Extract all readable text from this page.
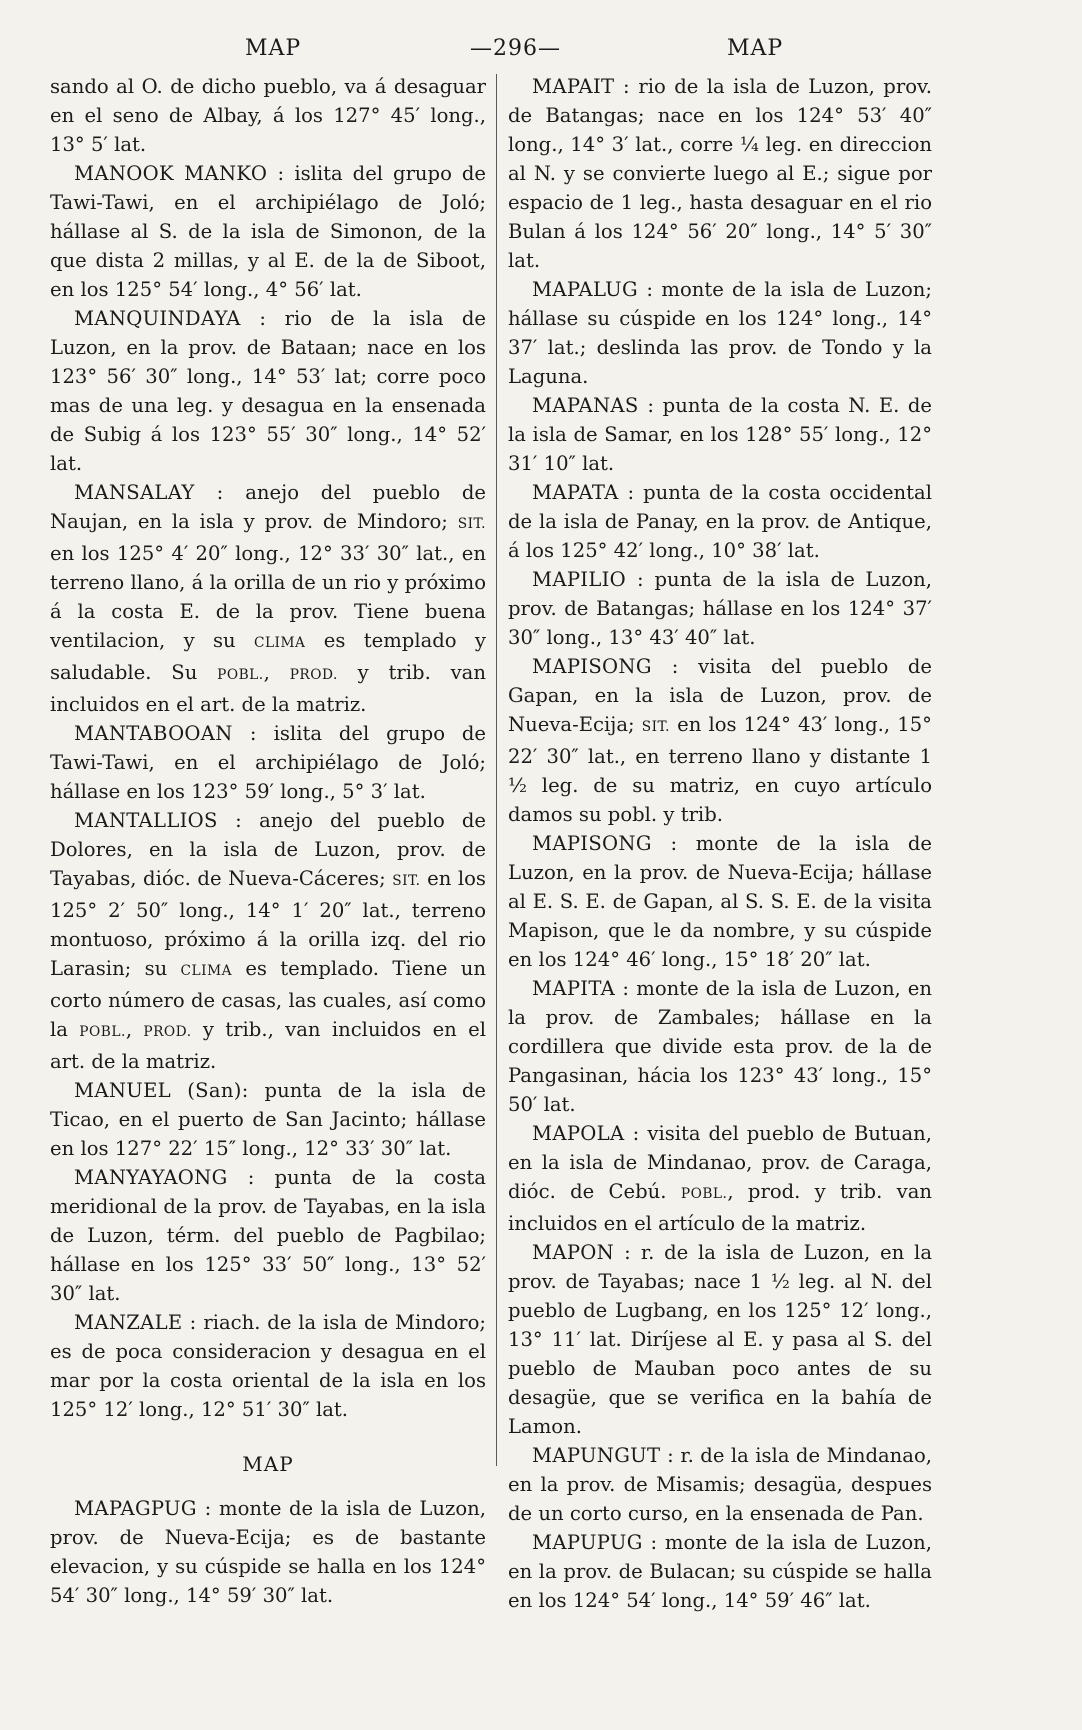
MAP	—296—	MAP

sando al O. de dicho pueblo, va á desaguar en el seno de Albay, á los 127° 45′ long., 13° 5′ lat.

MANOOK MANKO : islita del grupo de Tawi-Tawi, en el archipiélago de Joló; hállase al S. de la isla de Simonon, de la que dista 2 millas, y al E. de la de Siboot, en los 125° 54′ long., 4° 56′ lat.

MANQUINDAYA : rio de la isla de Luzon, en la prov. de Bataan; nace en los 123° 56′ 30″ long., 14° 53′ lat; corre poco mas de una leg. y desagua en la ensenada de Subig á los 123° 55′ 30″ long., 14° 52′ lat.

MANSALAY : anejo del pueblo de Naujan, en la isla y prov. de Mindoro; SIT. en los 125° 4′ 20″ long., 12° 33′ 30″ lat., en terreno llano, á la orilla de un rio y próximo á la costa E. de la prov. Tiene buena ventilacion, y su CLIMA es templado y saludable. Su POBL., PROD. y trib. van incluidos en el art. de la matriz.

MANTABOOAN : islita del grupo de Tawi-Tawi, en el archipiélago de Joló; hállase en los 123° 59′ long., 5° 3′ lat.

MANTALLIOS : anejo del pueblo de Dolores, en la isla de Luzon, prov. de Tayabas, dióc. de Nueva-Cáceres; SIT. en los 125° 2′ 50″ long., 14° 1′ 20″ lat., terreno montuoso, próximo á la orilla izq. del rio Larasin; su CLIMA es templado. Tiene un corto número de casas, las cuales, así como la POBL., PROD. y trib., van incluidos en el art. de la matriz.

MANUEL (San): punta de la isla de Ticao, en el puerto de San Jacinto; hállase en los 127° 22′ 15″ long., 12° 33′ 30″ lat.

MANYAYAONG : punta de la costa meridional de la prov. de Tayabas, en la isla de Luzon, térm. del pueblo de Pagbilao; hállase en los 125° 33′ 50″ long., 13° 52′ 30″ lat.

MANZALE : riach. de la isla de Mindoro; es de poca consideracion y desagua en el mar por la costa oriental de la isla en los 125° 12′ long., 12° 51′ 30″ lat.

MAP

MAPAGPUG : monte de la isla de Luzon, prov. de Nueva-Ecija; es de bastante elevacion, y su cúspide se halla en los 124° 54′ 30″ long., 14° 59′ 30″ lat.

MAPAIT : rio de la isla de Luzon, prov. de Batangas; nace en los 124° 53′ 40″ long., 14° 3′ lat., corre ¼ leg. en direccion al N. y se convierte luego al E.; sigue por espacio de 1 leg., hasta desaguar en el rio Bulan á los 124° 56′ 20″ long., 14° 5′ 30″ lat.

MAPALUG : monte de la isla de Luzon; hállase su cúspide en los 124° long., 14° 37′ lat.; deslinda las prov. de Tondo y la Laguna.

MAPANAS : punta de la costa N. E. de la isla de Samar, en los 128° 55′ long., 12° 31′ 10″ lat.

MAPATA : punta de la costa occidental de la isla de Panay, en la prov. de Antique, á los 125° 42′ long., 10° 38′ lat.

MAPILIO : punta de la isla de Luzon, prov. de Batangas; hállase en los 124° 37′ 30″ long., 13° 43′ 40″ lat.

MAPISONG : visita del pueblo de Gapan, en la isla de Luzon, prov. de Nueva-Ecija; SIT. en los 124° 43′ long., 15° 22′ 30″ lat., en terreno llano y distante 1 ½ leg. de su matriz, en cuyo artículo damos su pobl. y trib.

MAPISONG : monte de la isla de Luzon, en la prov. de Nueva-Ecija; hállase al E. S. E. de Gapan, al S. S. E. de la visita Mapison, que le da nombre, y su cúspide en los 124° 46′ long., 15° 18′ 20″ lat.

MAPITA : monte de la isla de Luzon, en la prov. de Zambales; hállase en la cordillera que divide esta prov. de la de Pangasinan, hácia los 123° 43′ long., 15° 50′ lat.

MAPOLA : visita del pueblo de Butuan, en la isla de Mindanao, prov. de Caraga, dióc. de Cebú. POBL., prod. y trib. van incluidos en el artículo de la matriz.

MAPON : r. de la isla de Luzon, en la prov. de Tayabas; nace 1 ½ leg. al N. del pueblo de Lugbang, en los 125° 12′ long., 13° 11′ lat. Diríjese al E. y pasa al S. del pueblo de Mauban poco antes de su desagüe, que se verifica en la bahía de Lamon.

MAPUNGUT : r. de la isla de Mindanao, en la prov. de Misamis; desagüa, despues de un corto curso, en la ensenada de Pan.

MAPUPUG : monte de la isla de Luzon, en la prov. de Bulacan; su cúspide se halla en los 124° 54′ long., 14° 59′ 46″ lat.
